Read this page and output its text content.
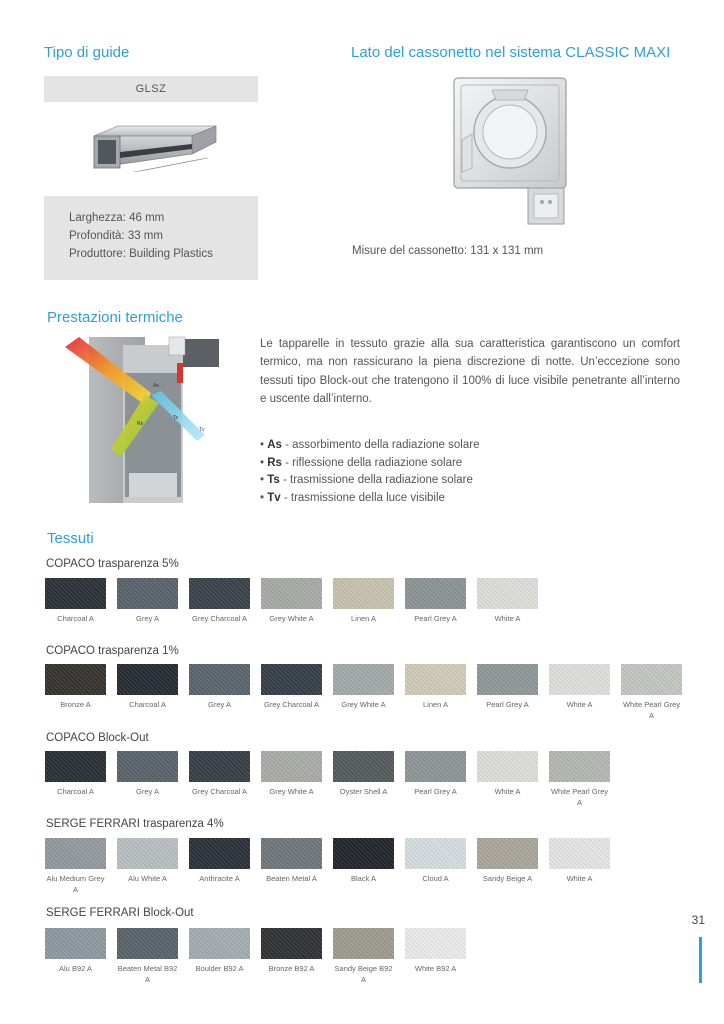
Tipo di guide
GLSZ
Larghezza: 46 mm
Profondità: 33 mm
Produttore: Building Plastics
Lato del cassonetto nel sistema CLASSIC MAXI
Misure del cassonetto: 131 x 131 mm
Prestazioni termiche
As
Rs
Ts
Tv

Le tapparelle in tessuto grazie alla sua caratteristica garantiscono un comfort termico, ma non rassicurano la piena discrezione di notte. Un’eccezione sono tessuti tipo Block-out che tratengono il 100% di luce visibile penetrante all’interno e uscente dall’interno.

• As - assorbimento della radiazione solare
• Rs - riflessione della radiazione solare
• Ts - trasmissione della radiazione solare
• Tv - trasmissione della luce visibile
Tessuti
COPACO trasparenza 5%
Charcoal A	Grey A	Grey Charcoal A	Grey White A	Linen A	Pearl Grey A	White A
COPACO trasparenza 1%
Bronze A	Charcoal A	Grey A	Grey Charcoal A	Grey White A	Linen A	Pearl Grey A	White A	White Pearl Grey A
COPACO Block-Out
Charcoal A	Grey A	Grey Charcoal A	Grey White A	Oyster Shell A	Pearl Grey A	White A	White Pearl Grey A
SERGE FERRARI trasparenza 4%
Alu Medium Grey A
Alu White A	Anthracite A	Beaten Metal A	Black A	Cloud A	Sandy Beige A	White A
SERGE FERRARI Block-Out
Alu B92 A	Beaten Metal B92 A
Boulder B92 A	Bronze B92 A	Sandy Beige B92 A
White B92 A
31
